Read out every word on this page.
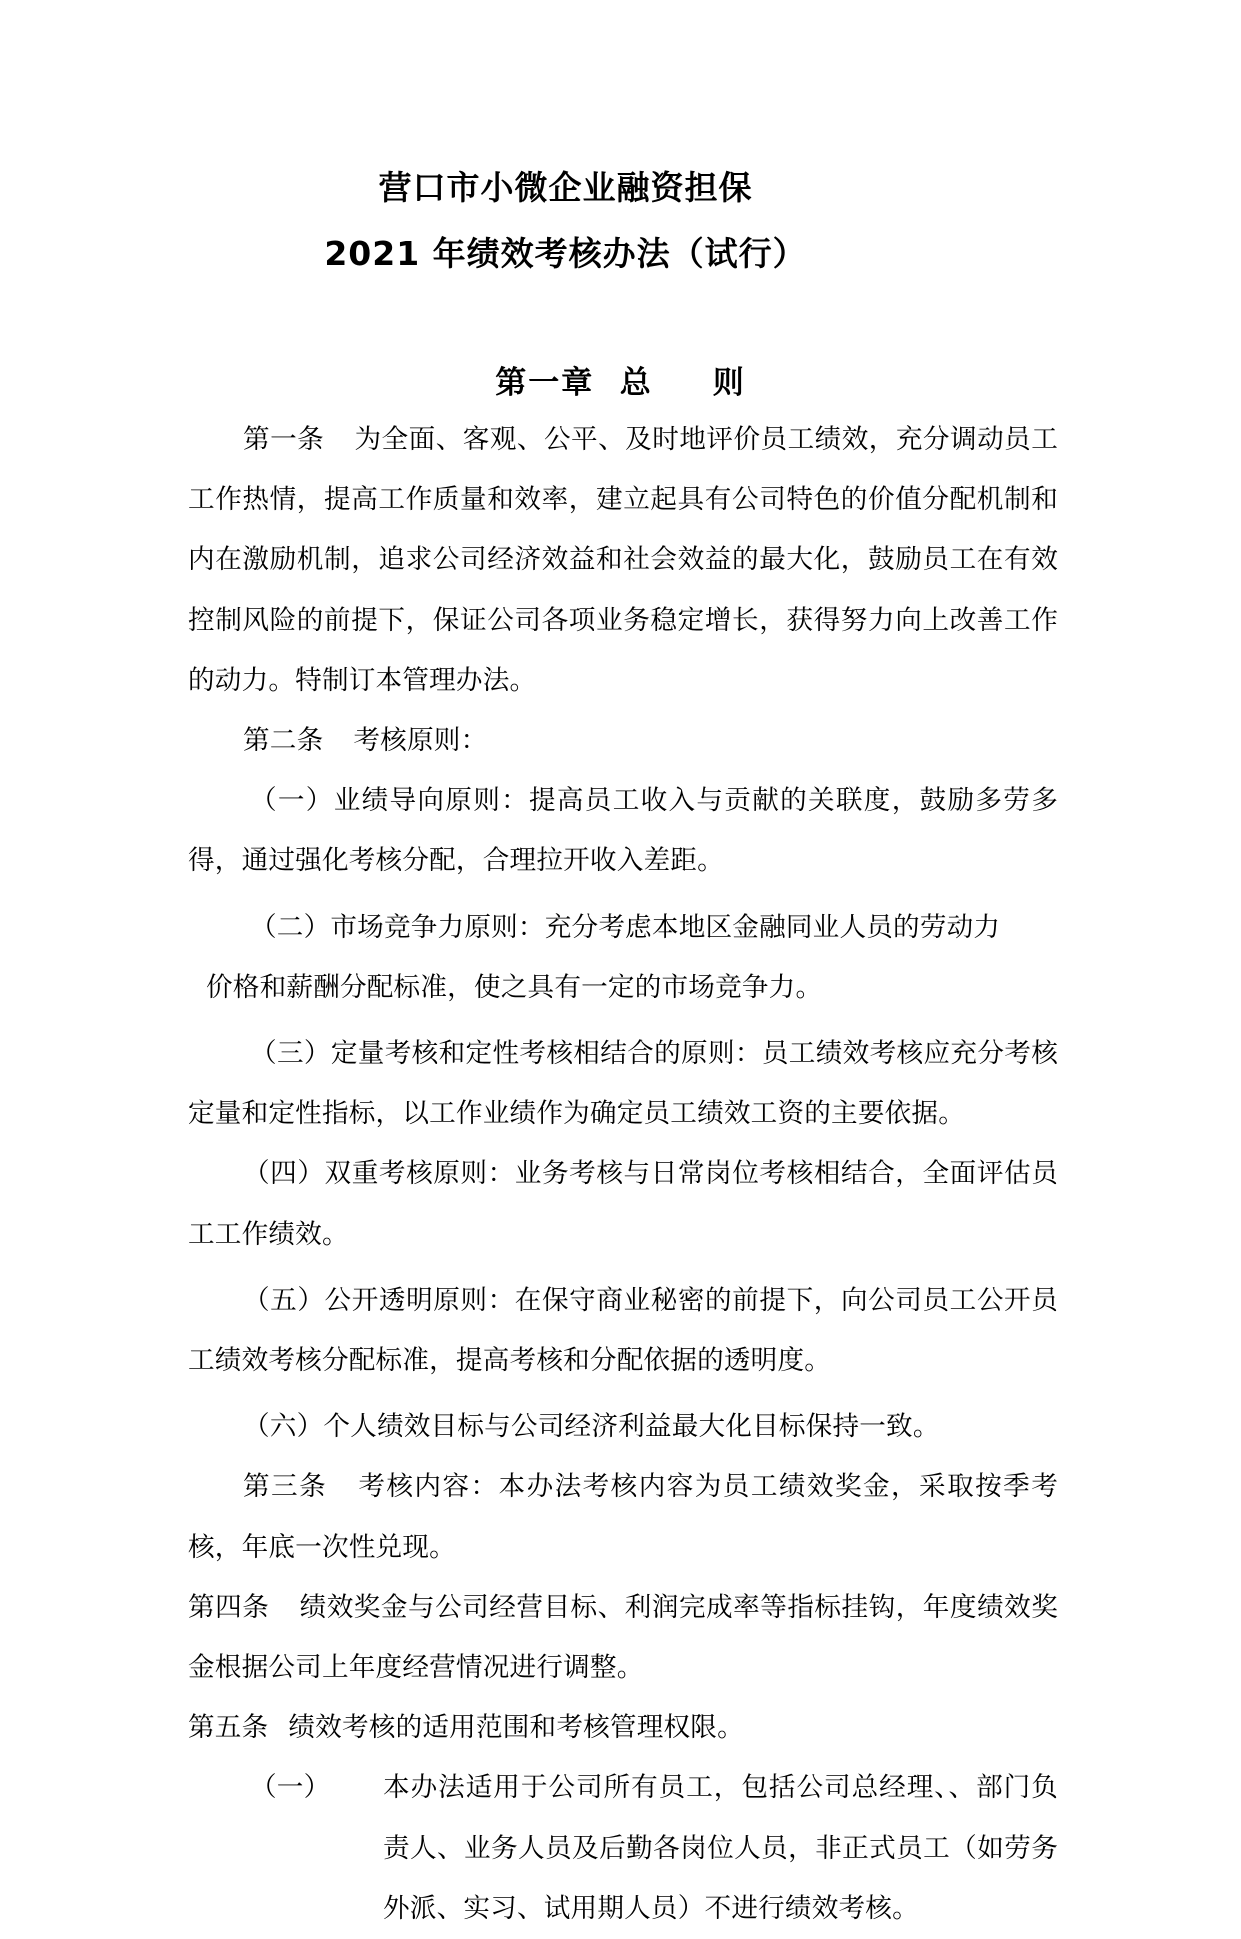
营口市小微企业融资担保
2021 年绩效考核办法（试行）
第一章  总 则

第一条 为全面、客观、公平、及时地评价员工绩效，充分调动员工工作热情，提高工作质量和效率，建立起具有公司特色的价值分配机制和内在激励机制，追求公司经济效益和社会效益的最大化，鼓励员工在有效控制风险的前提下，保证公司各项业务稳定增长，获得努力向上改善工作的动力。特制订本管理办法。

第二条 考核原则：

（一）业绩导向原则：提高员工收入与贡献的关联度，鼓励多劳多得，通过强化考核分配，合理拉开收入差距。

（二）市场竞争力原则：充分考虑本地区金融同业人员的劳动力
价格和薪酬分配标准，使之具有一定的市场竞争力。

（三）定量考核和定性考核相结合的原则：员工绩效考核应充分考核定量和定性指标，以工作业绩作为确定员工绩效工资的主要依据。

（四）双重考核原则：业务考核与日常岗位考核相结合，全面评估员工工作绩效。

（五）公开透明原则：在保守商业秘密的前提下，向公司员工公开员工绩效考核分配标准，提高考核和分配依据的透明度。

（六）个人绩效目标与公司经济利益最大化目标保持一致。

第三条 考核内容：本办法考核内容为员工绩效奖金，采取按季考核，年底一次性兑现。

第四条 绩效奖金与公司经营目标、利润完成率等指标挂钩，年度绩效奖金根据公司上年度经营情况进行调整。

第五条 绩效考核的适用范围和考核管理权限。

（一） 本办法适用于公司所有员工，包括公司总经理、、部门负责人、业务人员及后勤各岗位人员，非正式员工（如劳务外派、实习、试用期人员）不进行绩效考核。
